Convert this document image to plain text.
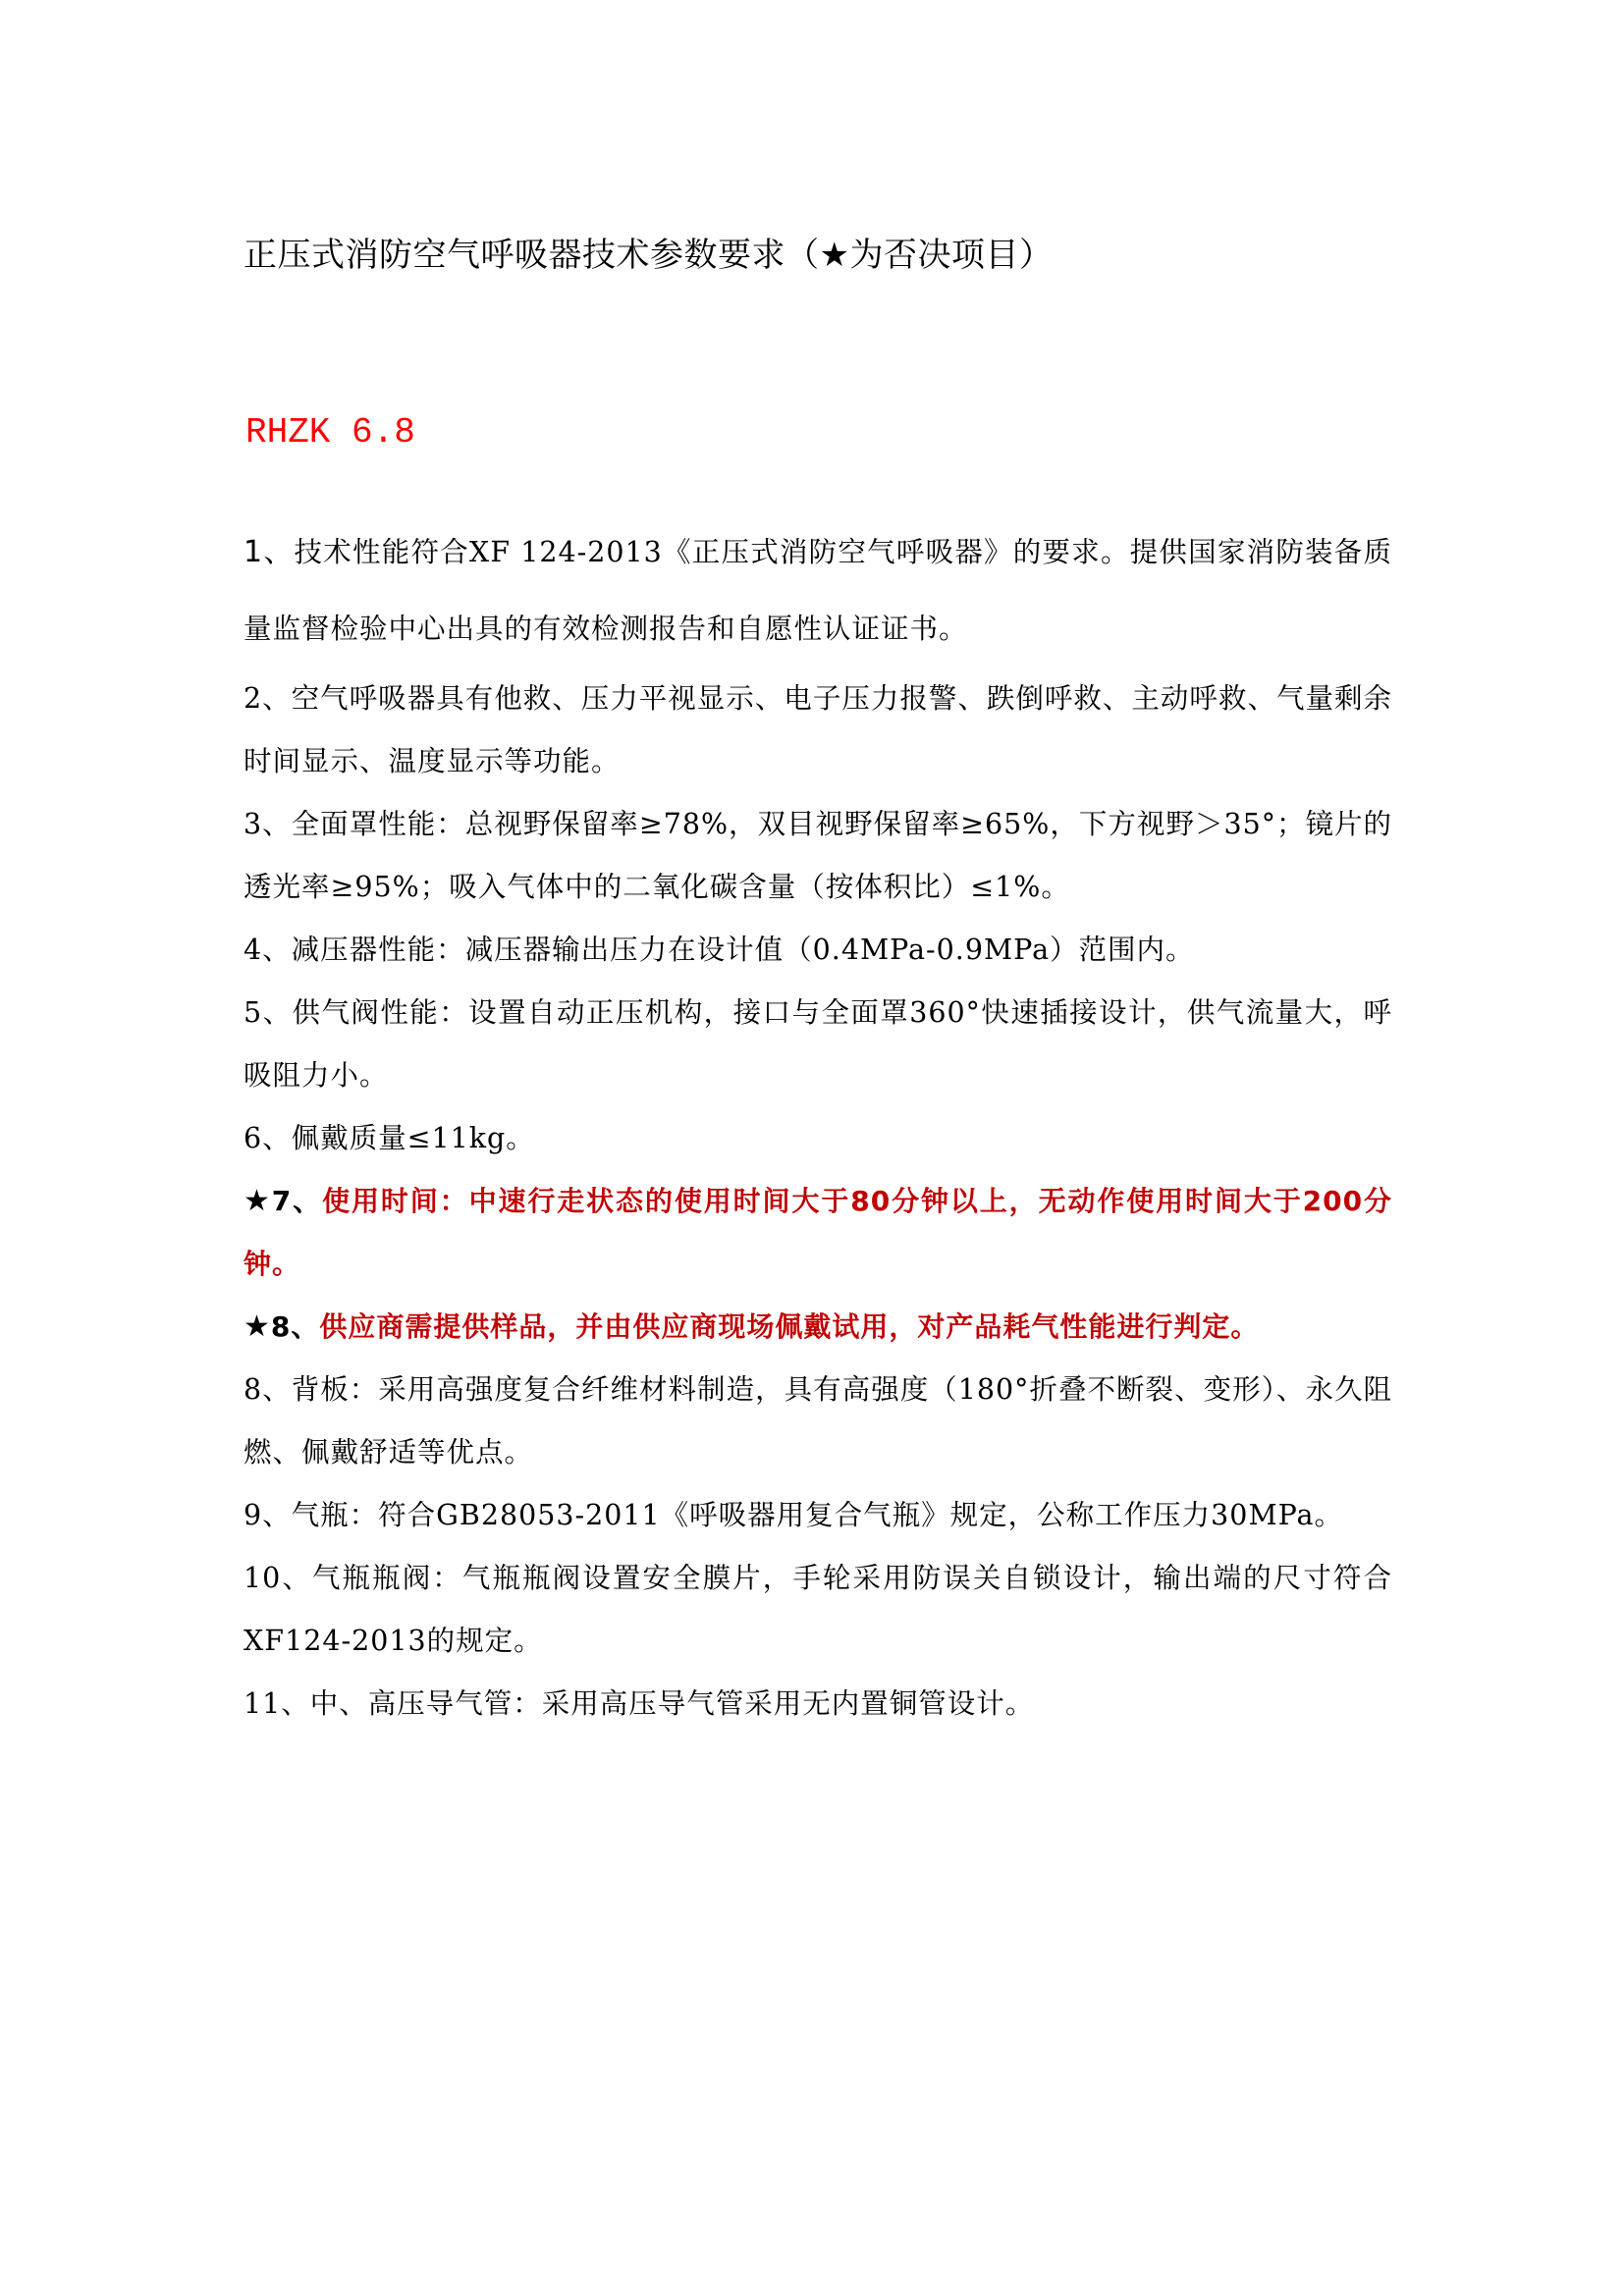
正压式消防空气呼吸器技术参数要求（★为否决项目）
RHZK 6.8

1、技术性能符合XF 124-2013《正压式消防空气呼吸器》的要求。提供国家消防装备质量监督检验中心出具的有效检测报告和自愿性认证证书。

2、空气呼吸器具有他救、压力平视显示、电子压力报警、跌倒呼救、主动呼救、气量剩余时间显示、温度显示等功能。

3、全面罩性能：总视野保留率≥78%，双目视野保留率≥65%，下方视野＞35°；镜片的透光率≥95%；吸入气体中的二氧化碳含量（按体积比）≤1%。

4、减压器性能：减压器输出压力在设计值（0.4MPa-0.9MPa）范围内。

5、供气阀性能：设置自动正压机构，接口与全面罩360°快速插接设计，供气流量大，呼吸阻力小。

6、佩戴质量≤11kg。

★7、使用时间：中速行走状态的使用时间大于80分钟以上，无动作使用时间大于200分钟。

★8、供应商需提供样品，并由供应商现场佩戴试用，对产品耗气性能进行判定。

8、背板：采用高强度复合纤维材料制造，具有高强度（180°折叠不断裂、变形）、永久阻燃、佩戴舒适等优点。

9、气瓶：符合GB28053-2011《呼吸器用复合气瓶》规定，公称工作压力30MPa。

10、气瓶瓶阀：气瓶瓶阀设置安全膜片，手轮采用防误关自锁设计，输出端的尺寸符合XF124-2013的规定。

11、中、高压导气管：采用高压导气管采用无内置铜管设计。
